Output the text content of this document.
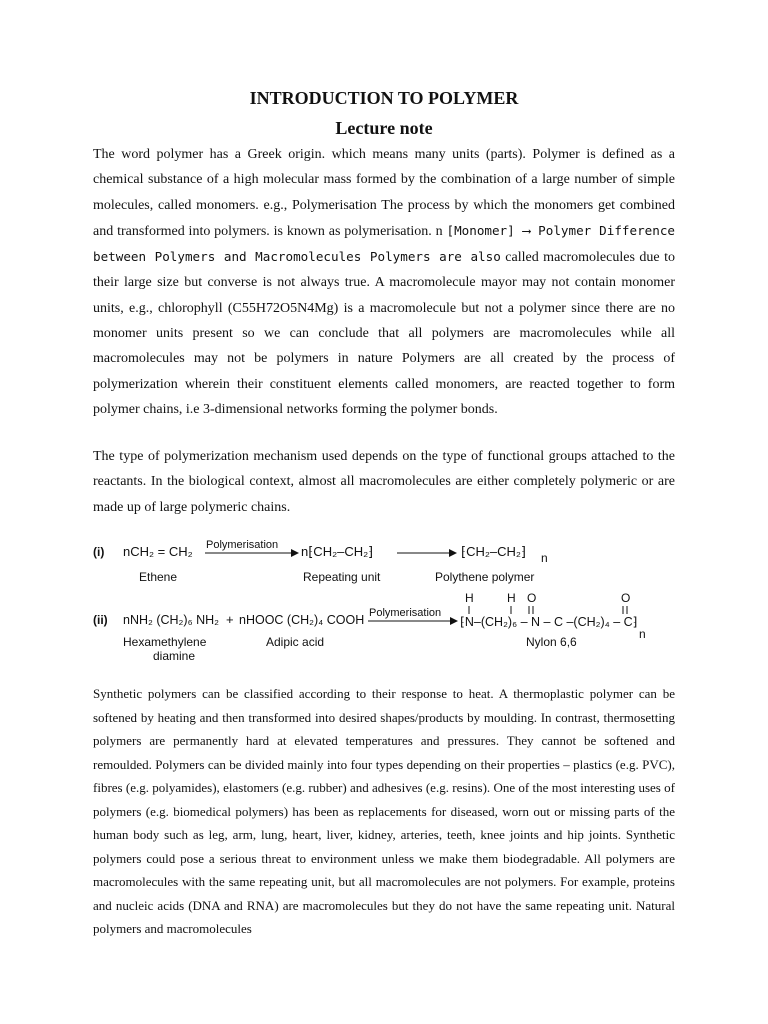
INTRODUCTION TO POLYMER
Lecture note

The word polymer has a Greek origin. which means many units (parts). Polymer is defined as a chemical substance of a high molecular mass formed by the combination of a large number of simple molecules, called monomers. e.g., Polymerisation The process by which the monomers get combined and transformed into polymers. is known as polymerisation. n [Monomer] ⟶ Polymer Difference between Polymers and Macromolecules Polymers are also called macromolecules due to their large size but converse is not always true. A macromolecule mayor may not contain monomer units, e.g., chlorophyll (C55H72O5N4Mg) is a macromolecule but not a polymer since there are no monomer units present so we can conclude that all polymers are macromolecules while all macromolecules may not be polymers in nature Polymers are all created by the process of polymerization wherein their constituent elements called monomers, are reacted together to form polymer chains, i.e 3-dimensional networks forming the polymer bonds.

The type of polymerization mechanism used depends on the type of functional groups attached to the reactants. In the biological context, almost all macromolecules are either completely polymeric or are made up of large polymeric chains.

(i) nCH₂ = CH₂
Ethene
Polymerisation n⁅CH₂–CH₂⁆
Repeating unit
⁅CH₂–CH₂⁆ n
Polythene polymer
H	H O	O
(ii) nNH₂ (CH₂)₆ NH₂ + nHOOC (CH₂)₄ COOH Polymerisation
⁅N–(CH₂)₆ – N – C –(CH₂)₄ – C⁆
n
Hexamethylene
diamine
Adipic acid	Nylon 6,6

Synthetic polymers can be classified according to their response to heat. A thermoplastic polymer can be softened by heating and then transformed into desired shapes/products by moulding. In contrast, thermosetting polymers are permanently hard at elevated temperatures and pressures. They cannot be softened and remoulded. Polymers can be divided mainly into four types depending on their properties – plastics (e.g. PVC), fibres (e.g. polyamides), elastomers (e.g. rubber) and adhesives (e.g. resins). One of the most interesting uses of polymers (e.g. biomedical polymers) has been as replacements for diseased, worn out or missing parts of the human body such as leg, arm, lung, heart, liver, kidney, arteries, teeth, knee joints and hip joints. Synthetic polymers could pose a serious threat to environment unless we make them biodegradable. All polymers are macromolecules with the same repeating unit, but all macromolecules are not polymers. For example, proteins and nucleic acids (DNA and RNA) are macromolecules but they do not have the same repeating unit. Natural polymers and macromolecules
